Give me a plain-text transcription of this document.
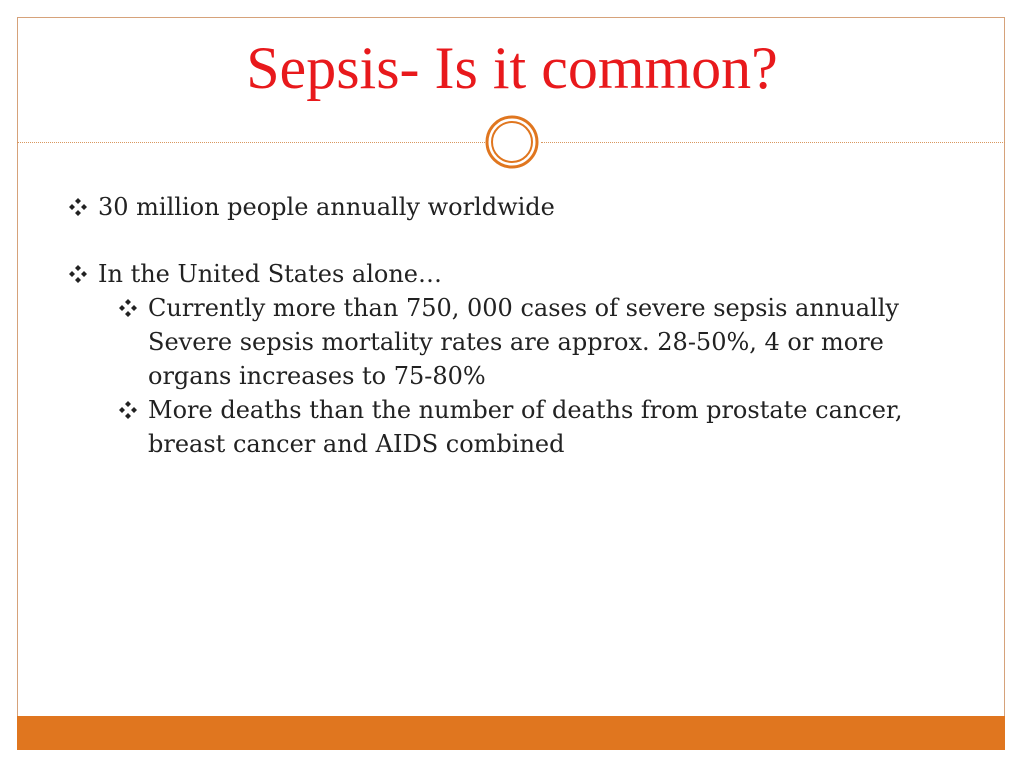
Sepsis- Is it common?
30 million people annually worldwide
In the United States alone…
Currently more than 750, 000 cases of severe sepsis annually
Severe sepsis mortality rates are approx. 28-50%, 4 or more organs increases to 75-80%
More deaths than the number of deaths from prostate cancer, breast cancer and AIDS combined
